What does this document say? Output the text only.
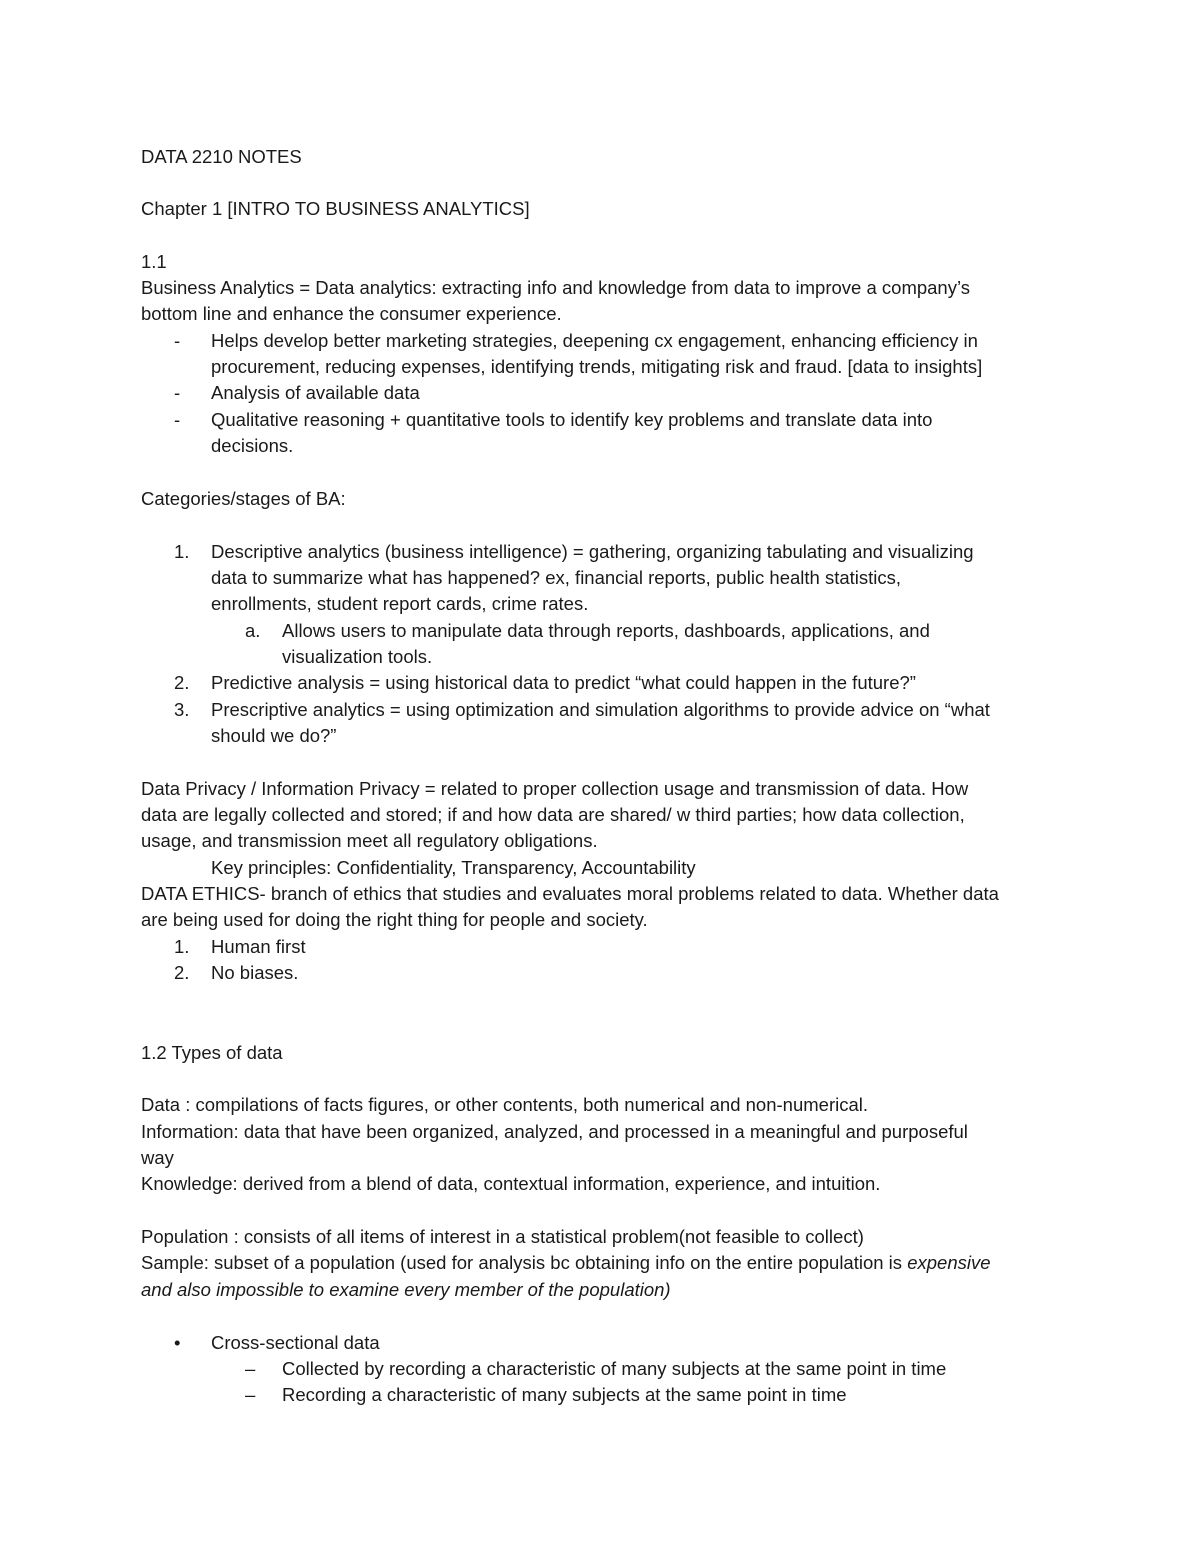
DATA 2210 NOTES
Chapter 1 [INTRO TO BUSINESS ANALYTICS]
1.1
Business Analytics = Data analytics: extracting info and knowledge from data to improve a company’s
bottom line and enhance the consumer experience.
- Helps develop better marketing strategies, deepening cx engagement, enhancing efficiency in
procurement, reducing expenses, identifying trends, mitigating risk and fraud. [data to insights]
- Analysis of available data
- Qualitative reasoning + quantitative tools to identify key problems and translate data into
decisions.
Categories/stages of BA:
1. Descriptive analytics (business intelligence) = gathering, organizing tabulating and visualizing
data to summarize what has happened? ex, financial reports, public health statistics,
enrollments, student report cards, crime rates.
a. Allows users to manipulate data through reports, dashboards, applications, and
visualization tools.
2. Predictive analysis = using historical data to predict “what could happen in the future?”
3. Prescriptive analytics = using optimization and simulation algorithms to provide advice on “what
should we do?”
Data Privacy / Information Privacy = related to proper collection usage and transmission of data. How
data are legally collected and stored; if and how data are shared/ w third parties; how data collection,
usage, and transmission meet all regulatory obligations.
Key principles: Confidentiality, Transparency, Accountability
DATA ETHICS- branch of ethics that studies and evaluates moral problems related to data. Whether data
are being used for doing the right thing for people and society.
1. Human first
2. No biases.
1.2 Types of data
Data : compilations of facts figures, or other contents, both numerical and non-numerical.
Information: data that have been organized, analyzed, and processed in a meaningful and purposeful
way
Knowledge: derived from a blend of data, contextual information, experience, and intuition.
Population : consists of all items of interest in a statistical problem(not feasible to collect)
Sample: subset of a population (used for analysis bc obtaining info on the entire population is expensive
and also impossible to examine every member of the population)
• Cross-sectional data
– Collected by recording a characteristic of many subjects at the same point in time
– Recording a characteristic of many subjects at the same point in time
